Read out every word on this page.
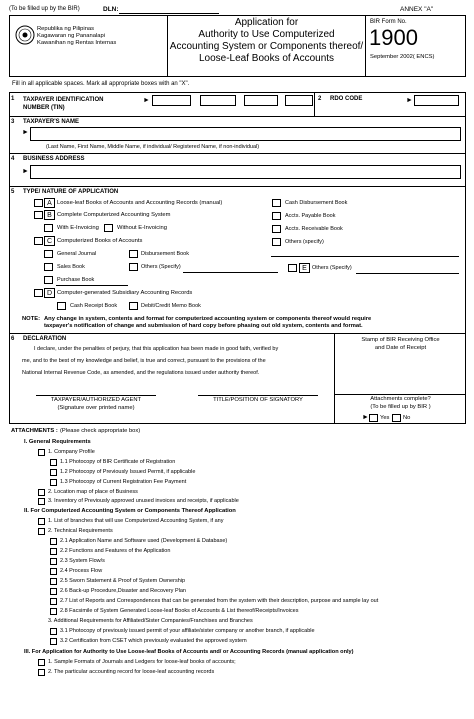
(To be filled up by the BIR)	DLN:	ANNEX "A"
Republika ng Pilipinas
Kagawaran ng Pananalapi
Kawanihan ng Rentas Internas
Application for
Authority to Use Computerized
Accounting System or Components thereof/
Loose-Leaf Books of Accounts
BIR Form No.
1900
September 2002( ENCS)
Fill in all applicable spaces. Mark all appropriate boxes with an "X".
1 TAXPAYER IDENTIFICATION
NUMBER (TIN)
►	2 RDO CODE	►
3 TAXPAYER'S NAME
►
(Last Name, First Name, Middle Name, if individual/ Registered Name, if non-individual)
4 BUSINESS ADDRESS
►
5 TYPE/ NATURE OF APPLICATION
A Loose-leaf Books of Accounts and Accounting Records (manual)
B Complete Computerized Accounting System
With E-Invoicing	Without E-Invoicing
C Computerized Books of Accounts
General Journal	Disbursement Book
Sales Book	Others (Specify)
Purchase Book
D Computer-generated Subsidiary Accounting Records
Cash Receipt Book	Debit/Credit Memo Book
Cash Disbursement Book
Accts. Payable Book
Accts. Receivable Book
Others (specify)
E Others (Specify)
NOTE: Any change in system, contents and format for computerized accounting system or components thereof would require
taxpayer's notification of change and submission of hard copy before phasing out old system, contents and format.
6 DECLARATION
I declare, under the penalties of perjury, that this application has been made in good faith, verified by
me, and to the best of my knowledge and belief, is true and correct, pursuant to the provisions of the
National Internal Revenue Code, as amended, and the regulations issued under authority thereof.
TAXPAYER/AUTHORIZED AGENT
(Signature over printed name)
TITLE/POSITION OF SIGNATORY
Stamp of BIR Receiving Office
and Date of Receipt
Attachments complete?
(To be filled up by BIR )
► Yes No
ATTACHMENTS : (Please check appropriate box)
I. General Requirements
1. Company Profile
1.1 Photocopy of BIR Certificate of Registration
1.2 Photocopy of Previously Issued Permit, if applicable
1.3 Photocopy of Current Registration Fee Payment
2. Location map of place of Business
3. Inventory of Previously approved unused invoices and receipts, if applicable
II. For Computerized Accounting System or Components Thereof Application
1. List of branches that will use Computerized Accounting System, if any
2. Technical Requirements
2.1 Application Name and Software used (Development & Database)
2.2 Functions and Features of the Application
2.3 System Flow/s
2.4 Process Flow
2.5 Sworn Statement & Proof of System Ownership
2.6 Back-up Procedure,Disaster and Recovery Plan
2.7 List of Reports and Correspondences that can be generated from the system with their description, purpose and sample lay out
2.8 Facsimile of System Generated Loose-leaf Books of Accounts & List thereof/Receipts/Invoices
3. Additional Requirements for Affiliated/Sister Companies/Franchises and Branches
3.1 Photocopy of previously issued permit of your affiliate/sister company or another branch, if applicable
3.2 Certification from CSET which previously evaluated the approved system
III. For Application for Authority to Use Loose-leaf Books of Accounts and/ or Accounting Records (manual application only)
1. Sample Formats of Journals and Ledgers for loose-leaf books of accounts;
2. The particular accounting record for loose-leaf accounting records
